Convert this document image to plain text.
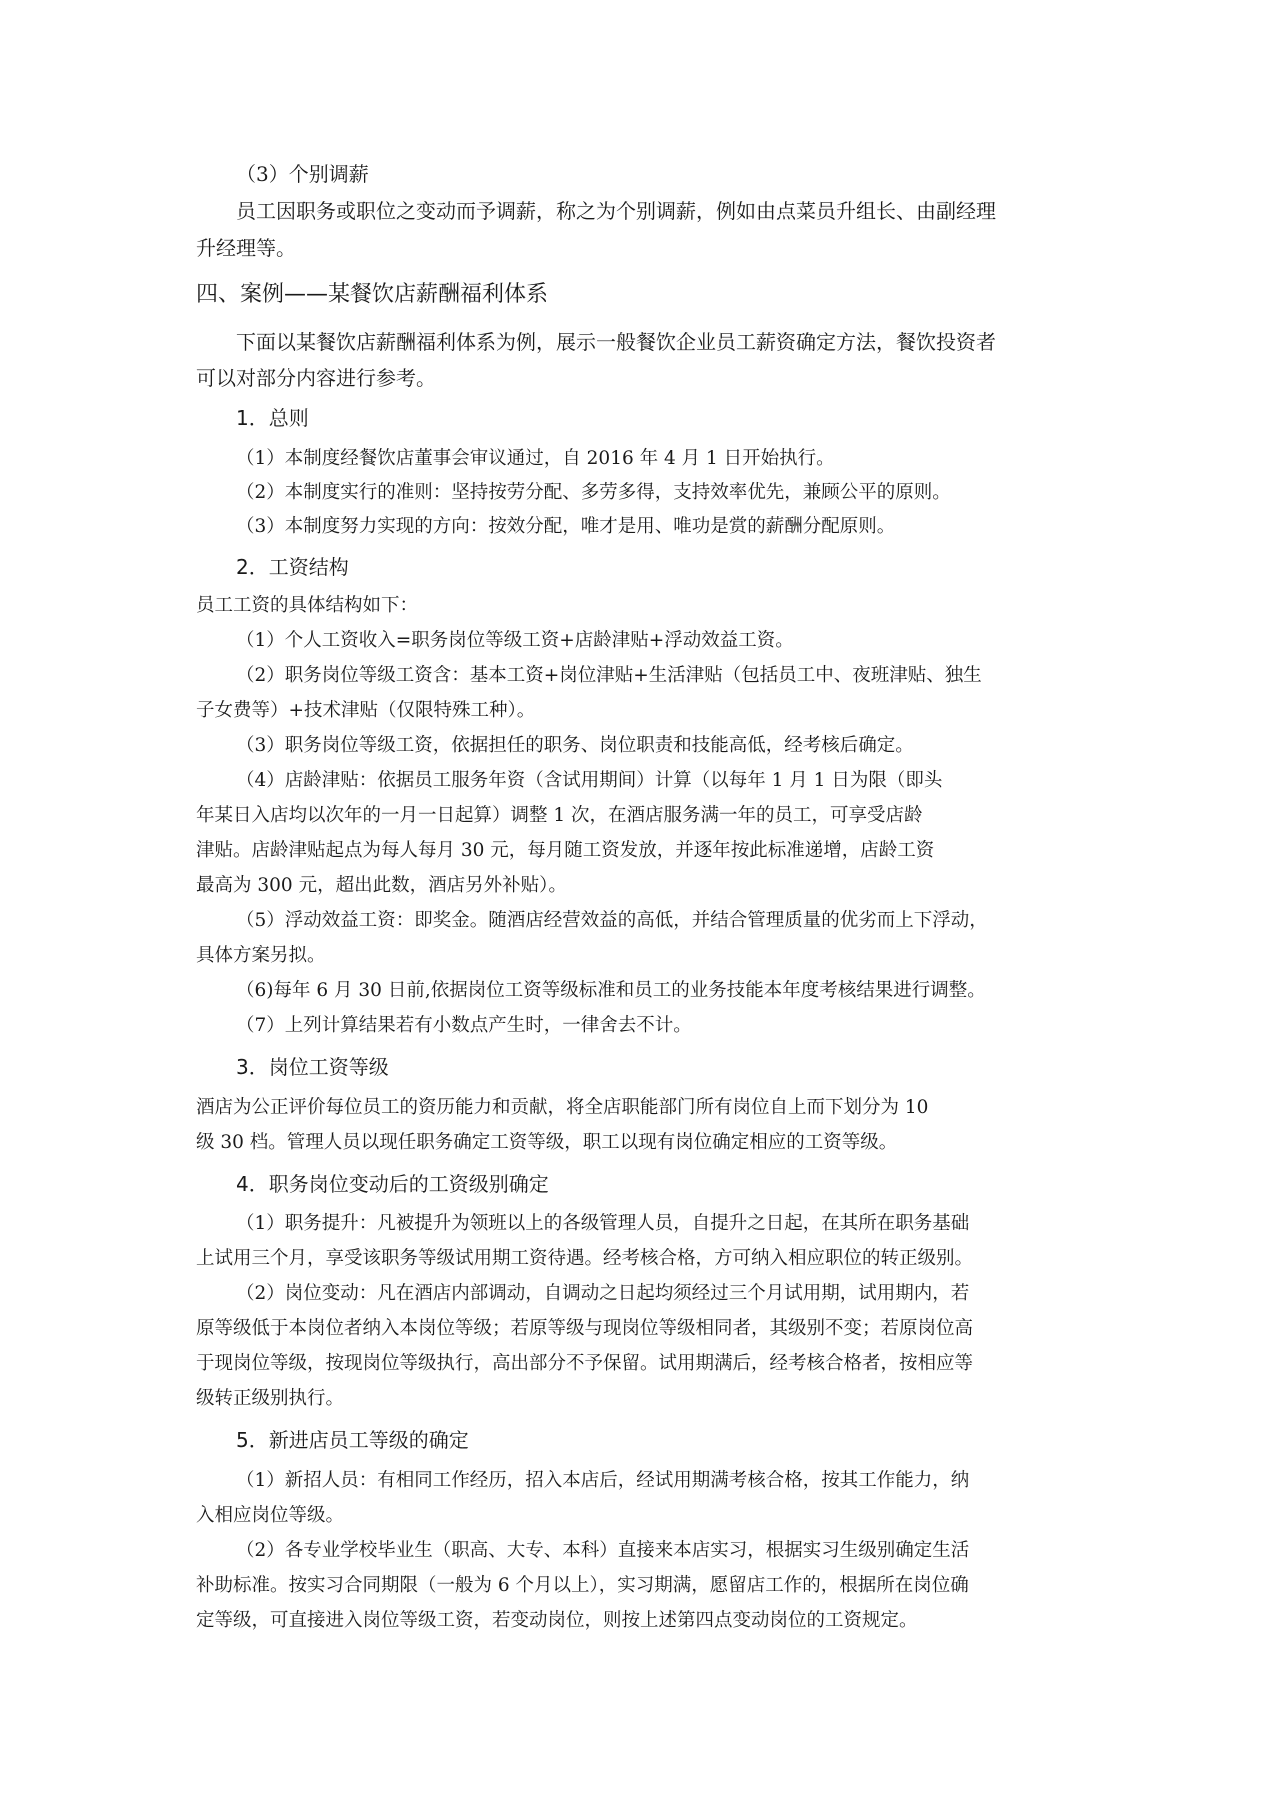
（3）个别调薪
员工因职务或职位之变动而予调薪，称之为个别调薪，例如由点菜员升组长、由副经理
升经理等。
四、案例——某餐饮店薪酬福利体系
下面以某餐饮店薪酬福利体系为例，展示一般餐饮企业员工薪资确定方法，餐饮投资者
可以对部分内容进行参考。
1．总则
（1）本制度经餐饮店董事会审议通过，自 2016 年 4 月 1 日开始执行。
（2）本制度实行的准则：坚持按劳分配、多劳多得，支持效率优先，兼顾公平的原则。
（3）本制度努力实现的方向：按效分配，唯才是用、唯功是赏的薪酬分配原则。
2．工资结构
员工工资的具体结构如下：
（1）个人工资收入=职务岗位等级工资+店龄津贴+浮动效益工资。
（2）职务岗位等级工资含：基本工资+岗位津贴+生活津贴（包括员工中、夜班津贴、独生
子女费等）+技术津贴（仅限特殊工种）。
（3）职务岗位等级工资，依据担任的职务、岗位职责和技能高低，经考核后确定。
（4）店龄津贴：依据员工服务年资（含试用期间）计算（以每年 1 月 1 日为限（即头
年某日入店均以次年的一月一日起算）调整 1 次，在酒店服务满一年的员工，可享受店龄
津贴。店龄津贴起点为每人每月 30 元，每月随工资发放，并逐年按此标准递增，店龄工资
最高为 300 元，超出此数，酒店另外补贴）。
（5）浮动效益工资：即奖金。随酒店经营效益的高低，并结合管理质量的优劣而上下浮动，
具体方案另拟。
（6)每年 6 月 30 日前,依据岗位工资等级标准和员工的业务技能本年度考核结果进行调整。
（7）上列计算结果若有小数点产生时，一律舍去不计。
3．岗位工资等级
酒店为公正评价每位员工的资历能力和贡献，将全店职能部门所有岗位自上而下划分为 10
级 30 档。管理人员以现任职务确定工资等级，职工以现有岗位确定相应的工资等级。
4．职务岗位变动后的工资级别确定
（1）职务提升：凡被提升为领班以上的各级管理人员，自提升之日起，在其所在职务基础
上试用三个月，享受该职务等级试用期工资待遇。经考核合格，方可纳入相应职位的转正级别。
（2）岗位变动：凡在酒店内部调动，自调动之日起均须经过三个月试用期，试用期内，若
原等级低于本岗位者纳入本岗位等级；若原等级与现岗位等级相同者，其级别不变；若原岗位高
于现岗位等级，按现岗位等级执行，高出部分不予保留。试用期满后，经考核合格者，按相应等
级转正级别执行。
5．新进店员工等级的确定
（1）新招人员：有相同工作经历，招入本店后，经试用期满考核合格，按其工作能力，纳
入相应岗位等级。
（2）各专业学校毕业生（职高、大专、本科）直接来本店实习，根据实习生级别确定生活
补助标准。按实习合同期限（一般为 6 个月以上），实习期满，愿留店工作的，根据所在岗位确
定等级，可直接进入岗位等级工资，若变动岗位，则按上述第四点变动岗位的工资规定。
